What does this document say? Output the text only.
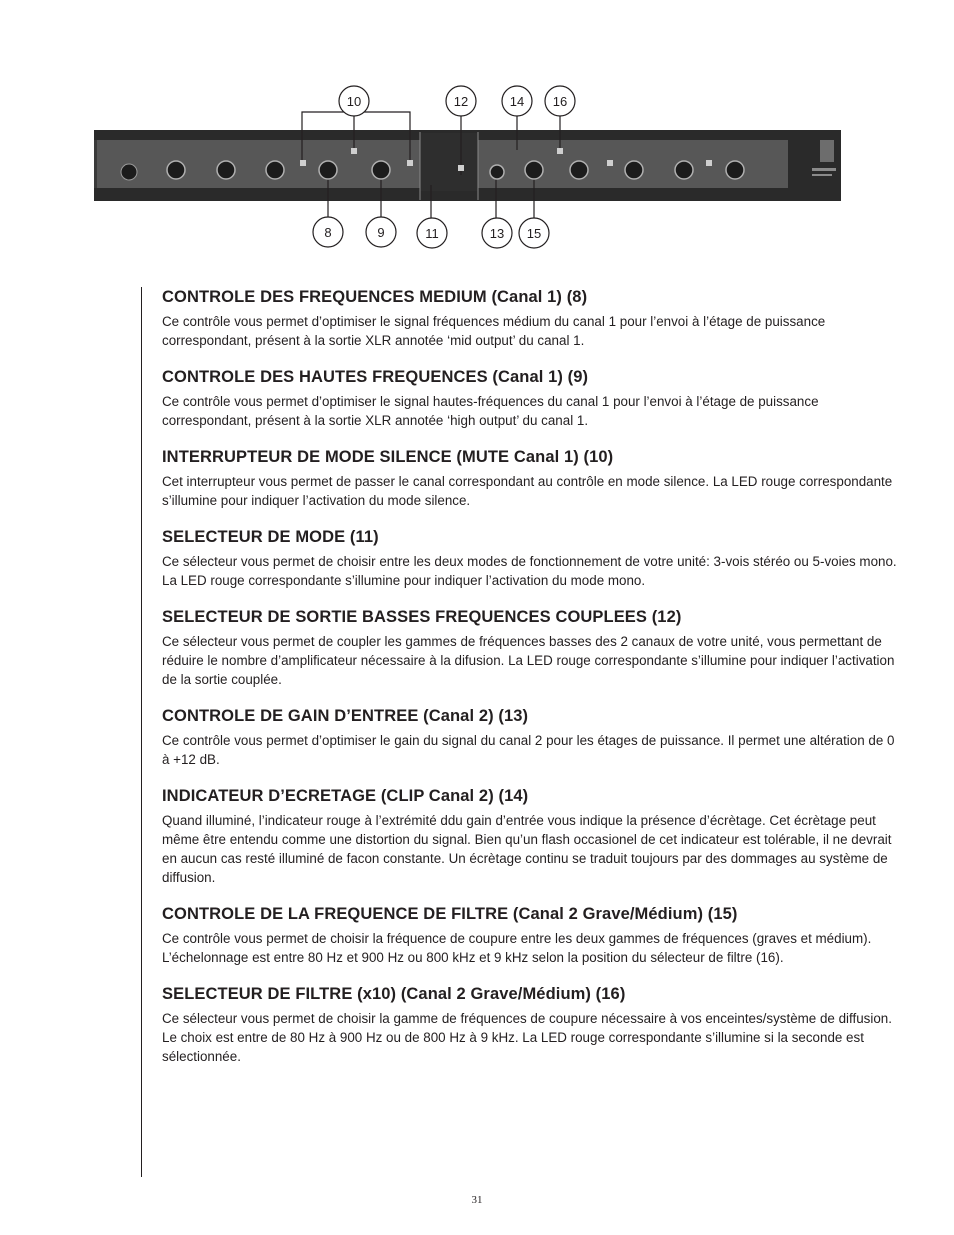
10	12	14 16
8	9	11	13 15
CONTROLE DES FREQUENCES MEDIUM (Canal 1) (8)

Ce contrôle vous permet d’optimiser le signal fréquences médium du canal 1 pour l’envoi à l’étage de puissance correspondant, présent à la sortie XLR annotée ‘mid output’ du canal 1.

CONTROLE DES HAUTES FREQUENCES (Canal 1) (9)

Ce contrôle vous permet d’optimiser le signal hautes-fréquences du canal 1 pour l’envoi à l’étage de puissance correspondant, présent à la sortie XLR annotée ‘high output’ du canal 1.

INTERRUPTEUR DE MODE SILENCE (MUTE Canal 1) (10)

Cet interrupteur vous permet de passer le canal correspondant au contrôle en mode silence. La LED rouge correspondante s’illumine pour indiquer l’activation du mode silence.

SELECTEUR DE MODE (11)

Ce sélecteur vous permet de choisir entre les deux modes de fonctionnement de votre unité: 3-vois stéréo ou 5-voies mono. La LED rouge correspondante s’illumine pour indiquer l’activation du mode mono.

SELECTEUR DE SORTIE BASSES FREQUENCES COUPLEES (12)

Ce sélecteur vous permet de coupler les gammes de fréquences basses des 2 canaux de votre unité, vous permettant de réduire le nombre d’amplificateur nécessaire à la difusion. La LED rouge correspondante s’illumine pour indiquer l’activation de la sortie couplée.

CONTROLE DE GAIN D’ENTREE (Canal 2) (13)

Ce contrôle vous permet d’optimiser le gain du signal du canal 2 pour les étages de puissance. Il permet une altération de 0 à +12 dB.

INDICATEUR D’ECRETAGE (CLIP Canal 2) (14)

Quand illuminé, l’indicateur rouge à l’extrémité ddu gain d’entrée vous indique la présence d’écrètage. Cet écrètage peut même être entendu comme une distortion du signal. Bien qu’un flash occasionel de cet indicateur est tolérable, il ne devrait en aucun cas resté illuminé de facon constante. Un écrètage continu se traduit toujours par des dommages au système de diffusion.

CONTROLE DE LA FREQUENCE DE FILTRE (Canal 2 Grave/Médium) (15)

Ce contrôle vous permet de choisir la fréquence de coupure entre les deux gammes de fréquences (graves et médium). L’échelonnage est entre 80 Hz et 900 Hz ou 800 kHz et 9 kHz selon la position du sélecteur de filtre (16).

SELECTEUR DE FILTRE (x10) (Canal 2 Grave/Médium) (16)

Ce sélecteur vous permet de choisir la gamme de fréquences de coupure nécessaire à vos enceintes/système de diffusion. Le choix est entre de 80 Hz à 900 Hz ou de 800 Hz à 9 kHz. La LED rouge correspondante s’illumine si la seconde est sélectionnée.

31
